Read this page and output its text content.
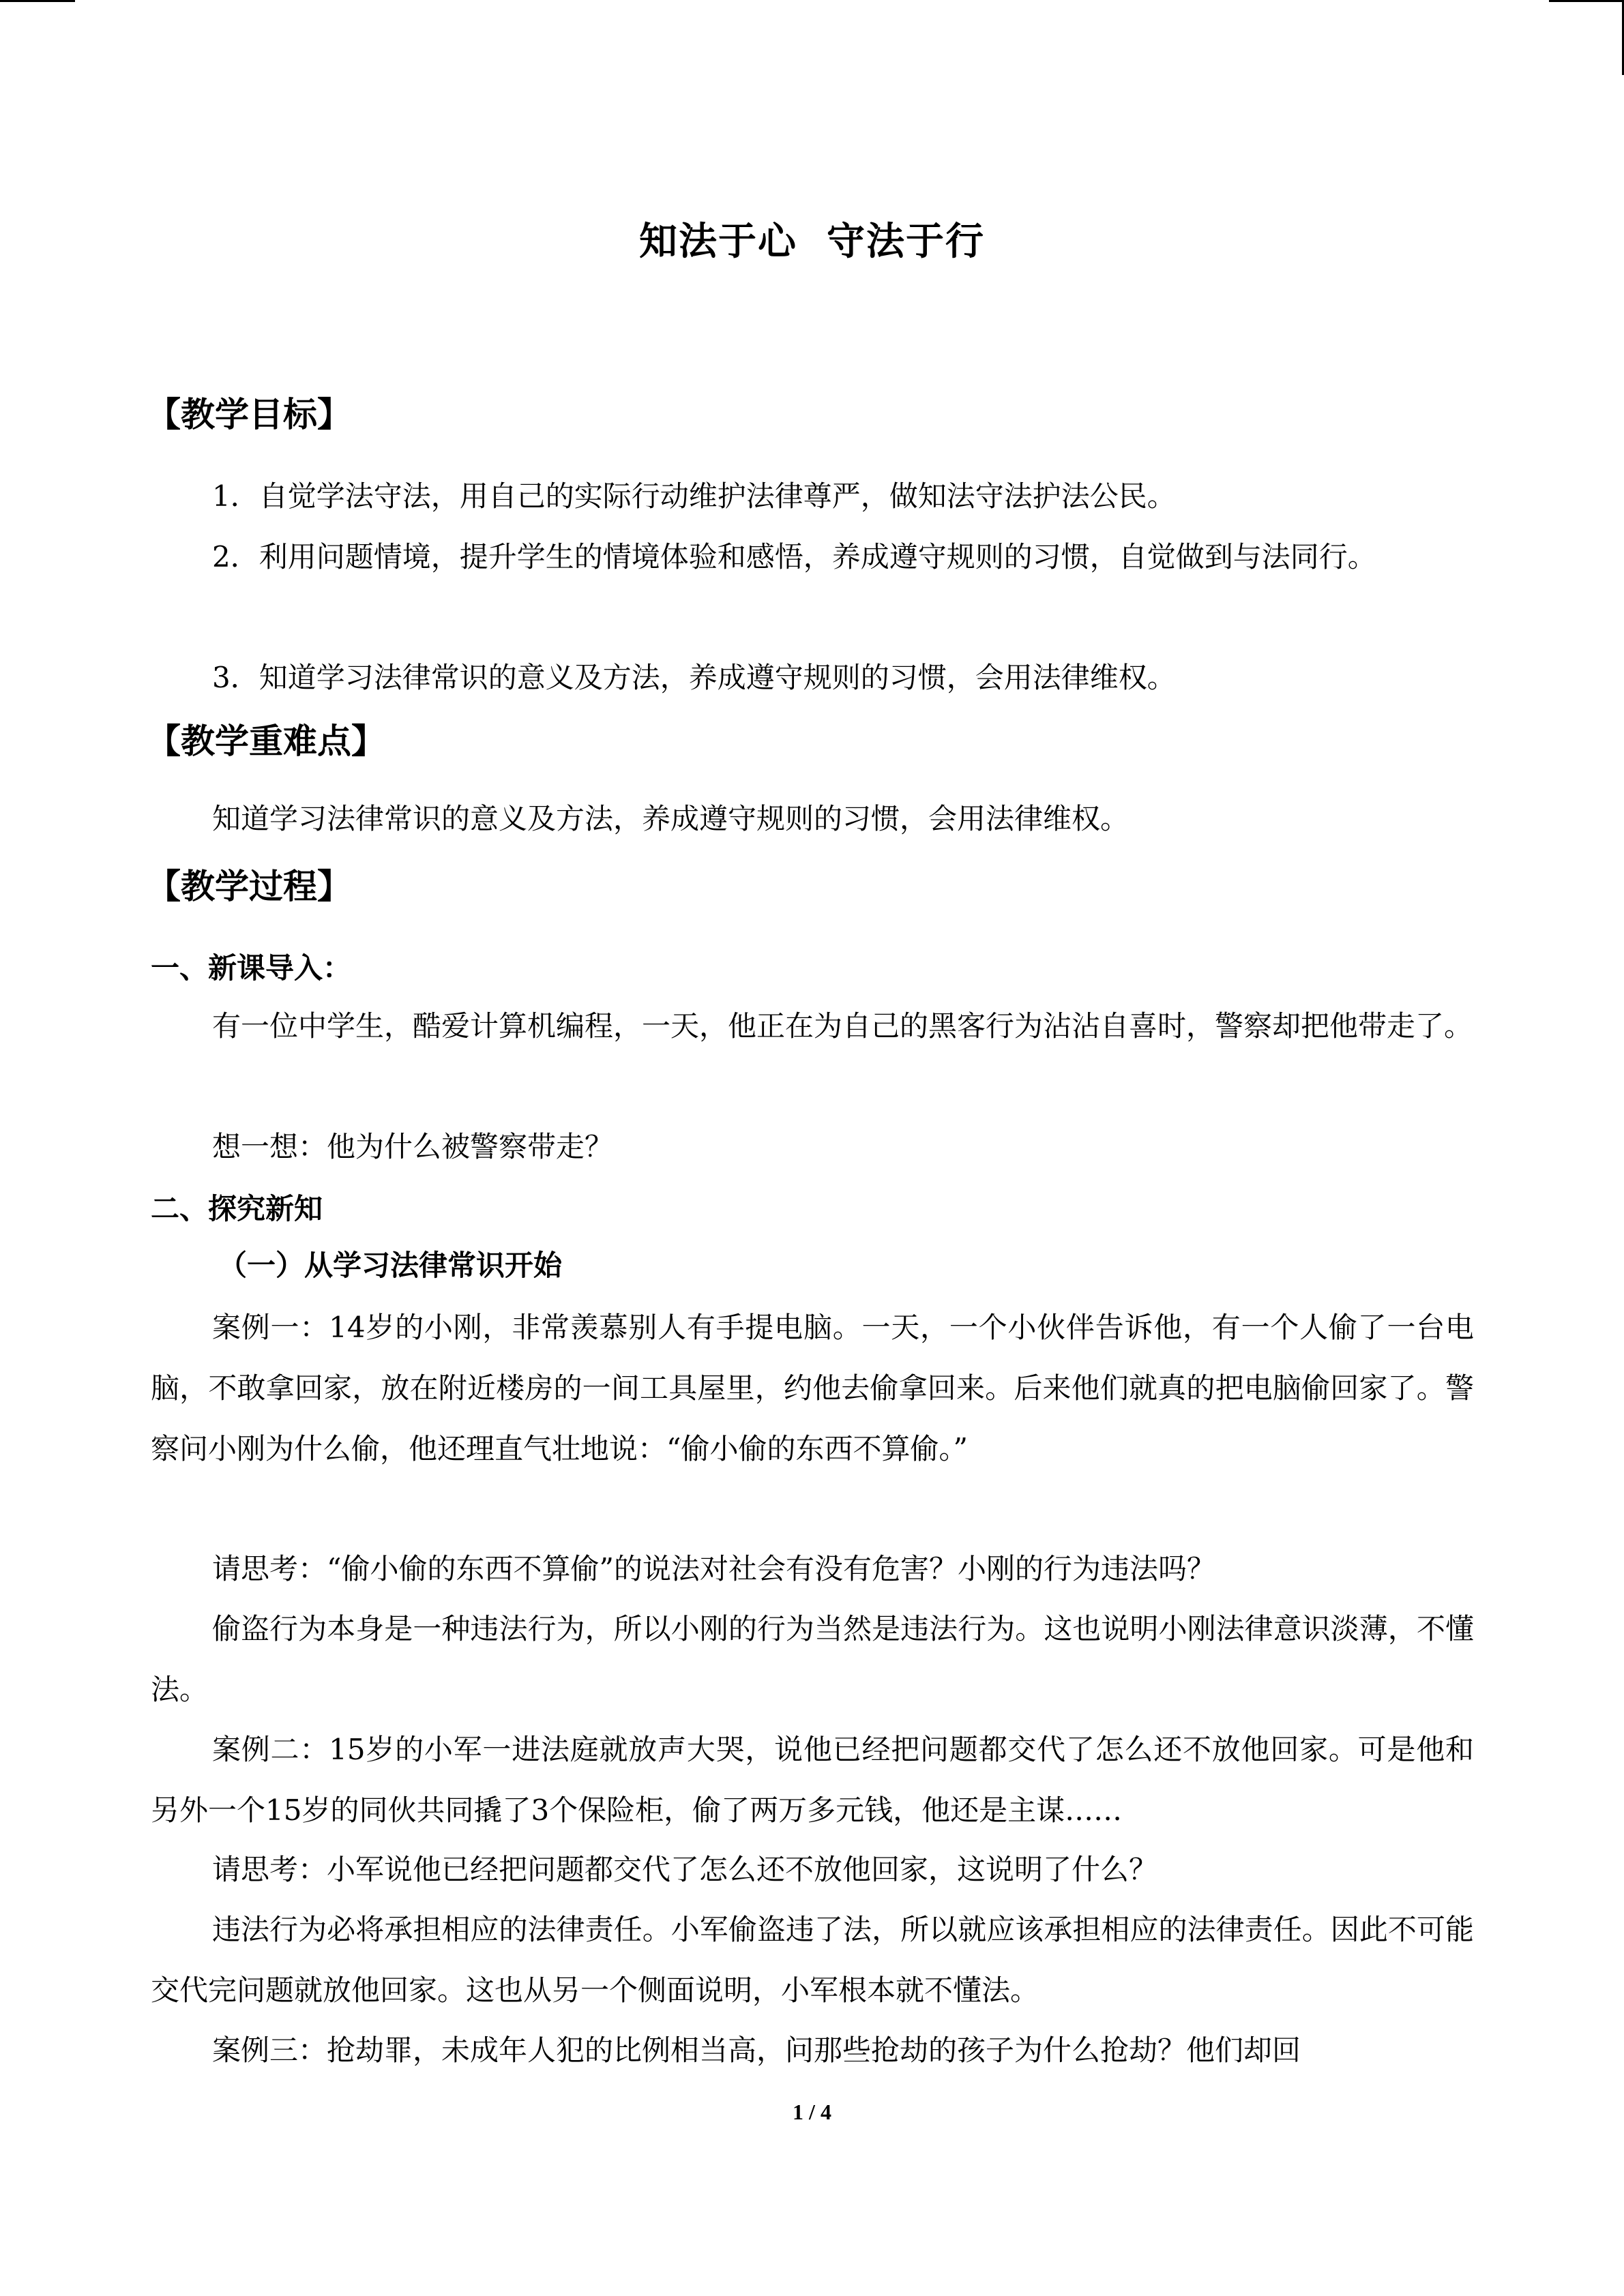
知法于心  守法于行
【教学目标】

1．自觉学法守法，用自己的实际行动维护法律尊严，做知法守法护法公民。

2．利用问题情境，提升学生的情境体验和感悟，养成遵守规则的习惯，自觉做到与法同行。

3．知道学习法律常识的意义及方法，养成遵守规则的习惯，会用法律维权。

【教学重难点】

知道学习法律常识的意义及方法，养成遵守规则的习惯，会用法律维权。

【教学过程】
一、新课导入：

有一位中学生，酷爱计算机编程，一天，他正在为自己的黑客行为沾沾自喜时，警察却把他带走了。

想一想：他为什么被警察带走？

二、探究新知
（一）从学习法律常识开始

案例一：14岁的小刚，非常羡慕别人有手提电脑。一天，一个小伙伴告诉他，有一个人偷了一台电脑，不敢拿回家，放在附近楼房的一间工具屋里，约他去偷拿回来。后来他们就真的把电脑偷回家了。警察问小刚为什么偷，他还理直气壮地说：“偷小偷的东西不算偷。”

请思考：“偷小偷的东西不算偷”的说法对社会有没有危害？小刚的行为违法吗？

偷盗行为本身是一种违法行为，所以小刚的行为当然是违法行为。这也说明小刚法律意识淡薄，不懂法。

案例二：15岁的小军一进法庭就放声大哭，说他已经把问题都交代了怎么还不放他回家。可是他和另外一个15岁的同伙共同撬了3个保险柜，偷了两万多元钱，他还是主谋……

请思考：小军说他已经把问题都交代了怎么还不放他回家，这说明了什么？

违法行为必将承担相应的法律责任。小军偷盗违了法，所以就应该承担相应的法律责任。因此不可能交代完问题就放他回家。这也从另一个侧面说明，小军根本就不懂法。

案例三：抢劫罪，未成年人犯的比例相当高，问那些抢劫的孩子为什么抢劫？他们却回

1 / 4
